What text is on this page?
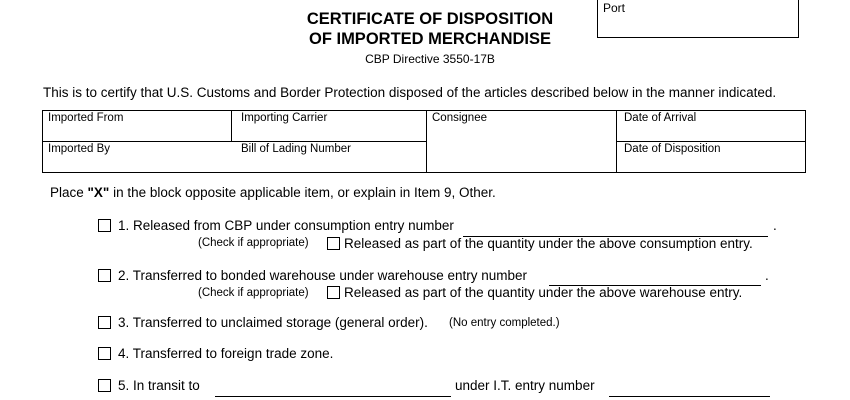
CERTIFICATE OF DISPOSITION
OF IMPORTED MERCHANDISE
CBP Directive 3550-17B
Port
This is to certify that U.S. Customs and Border Protection disposed of the articles described below in the manner indicated.
Imported From	Importing Carrier	Consignee	Date of Arrival
Imported By	Bill of Lading Number	Date of Disposition
Place "X" in the block opposite applicable item, or explain in Item 9, Other.
1. Released from CBP under consumption entry number	.
(Check if appropriate)	Released as part of the quantity under the above consumption entry.
2. Transferred to bonded warehouse under warehouse entry number	.
(Check if appropriate)	Released as part of the quantity under the above warehouse entry.
3. Transferred to unclaimed storage (general order). (No entry completed.)
4. Transferred to foreign trade zone.
5. In transit to	under I.T. entry number
